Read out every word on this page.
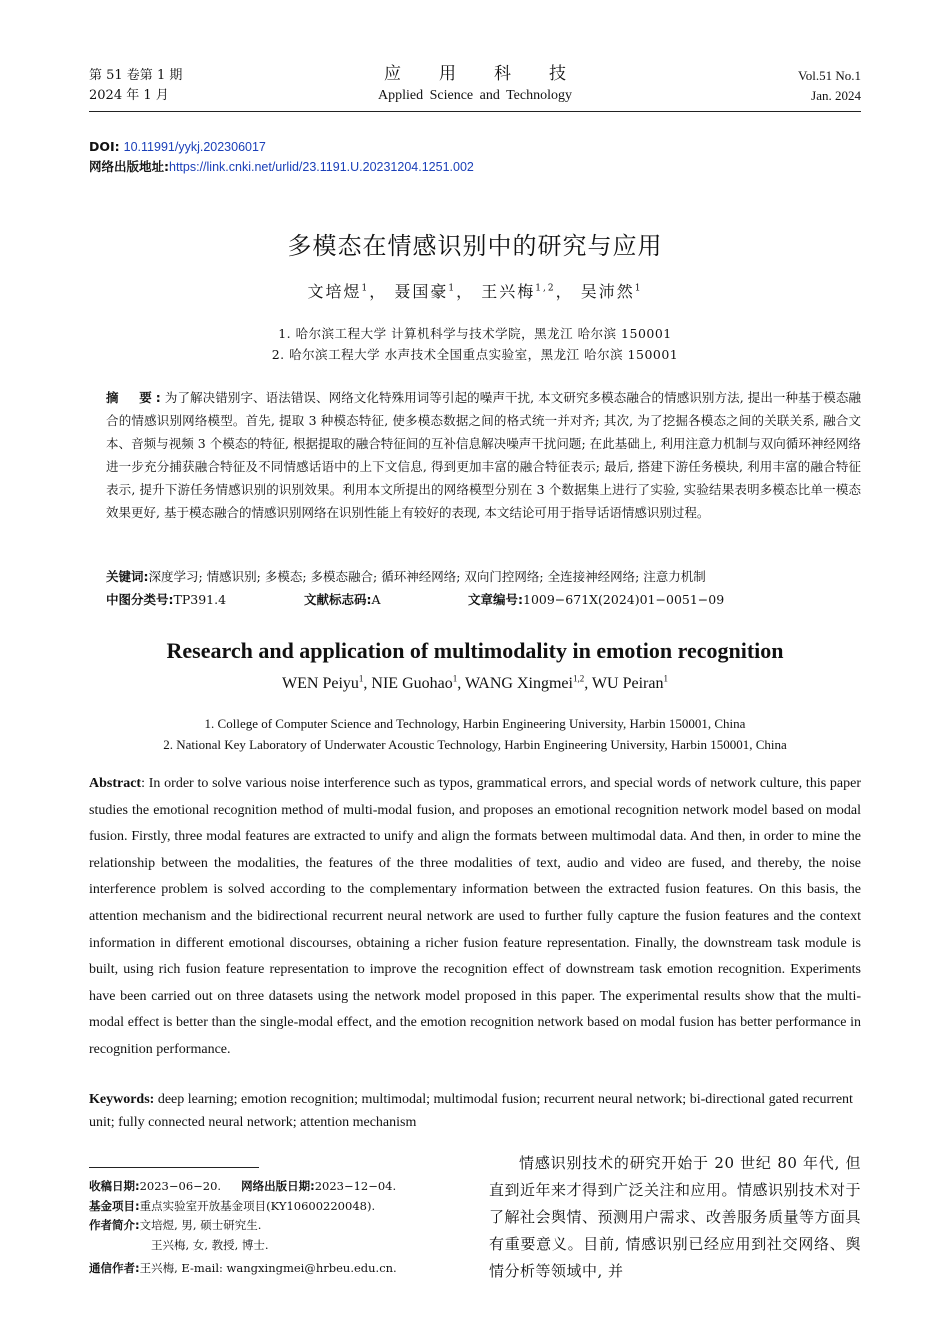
第 51 卷第 1 期
2024 年 1 月
应用科技
Applied Science and Technology
Vol.51 No.1
Jan. 2024
DOI: 10.11991/yykj.202306017
网络出版地址:https://link.cnki.net/urlid/23.1191.U.20231204.1251.002
多模态在情感识别中的研究与应用
文培煜$^1$， 聂国豪$^1$， 王兴梅$^{1,2}$， 吴沛然$^1$
1. 哈尔滨工程大学 计算机科学与技术学院，黑龙江 哈尔滨 150001
2. 哈尔滨工程大学 水声技术全国重点实验室，黑龙江 哈尔滨 150001
摘　要:为了解决错别字、语法错误、网络文化特殊用词等引起的噪声干扰, 本文研究多模态融合的情感识别方法, 提出一种基于模态融合的情感识别网络模型。首先, 提取 3 种模态特征, 使多模态数据之间的格式统一并对齐; 其次, 为了挖掘各模态之间的关联关系, 融合文本、音频与视频 3 个模态的特征, 根据提取的融合特征间的互补信息解决噪声干扰问题; 在此基础上, 利用注意力机制与双向循环神经网络进一步充分捕获融合特征及不同情感话语中的上下文信息, 得到更加丰富的融合特征表示; 最后, 搭建下游任务模块, 利用丰富的融合特征表示, 提升下游任务情感识别的识别效果。利用本文所提出的网络模型分别在 3 个数据集上进行了实验, 实验结果表明多模态比单一模态效果更好, 基于模态融合的情感识别网络在识别性能上有较好的表现, 本文结论可用于指导话语情感识别过程。
关键词:深度学习; 情感识别; 多模态; 多模态融合; 循环神经网络; 双向门控网络; 全连接神经网络; 注意力机制
中图分类号:TP391.4	文献标志码:A	文章编号:1009−671X(2024)01−0051−09
Research and application of multimodality in emotion recognition
WEN Peiyu$^1$, NIE Guohao$^1$, WANG Xingmei$^{1,2}$, WU Peiran$^1$
1. College of Computer Science and Technology, Harbin Engineering University, Harbin 150001, China
2. National Key Laboratory of Underwater Acoustic Technology, Harbin Engineering University, Harbin 150001, China
Abstract: In order to solve various noise interference such as typos, grammatical errors, and special words of network culture, this paper studies the emotional recognition method of multi-modal fusion, and proposes an emotional recognition network model based on modal fusion. Firstly, three modal features are extracted to unify and align the formats between multimodal data. And then, in order to mine the relationship between the modalities, the features of the three modalities of text, audio and video are fused, and thereby, the noise interference problem is solved according to the complementary information between the extracted fusion features. On this basis, the attention mechanism and the bidirectional recurrent neural network are used to further fully capture the fusion features and the context information in different emotional discourses, obtaining a richer fusion feature representation. Finally, the downstream task module is built, using rich fusion feature representation to improve the recognition effect of downstream task emotion recognition. Experiments have been carried out on three datasets using the network model proposed in this paper. The experimental results show that the multi-modal effect is better than the single-modal effect, and the emotion recognition network based on modal fusion has better performance in recognition performance.
Keywords: deep learning; emotion recognition; multimodal; multimodal fusion; recurrent neural network; bi-directional gated recurrent unit; fully connected neural network; attention mechanism
收稿日期:2023−06−20. 网络出版日期:2023−12−04.
基金项目:重点实验室开放基金项目(KY10600220048).
作者简介:文培煜, 男, 硕士研究生.
王兴梅, 女, 教授, 博士.
通信作者:王兴梅, E-mail: wangxingmei@hrbeu.edu.cn.
情感识别技术的研究开始于 20 世纪 80 年代, 但直到近年来才得到广泛关注和应用。情感识别技术对于了解社会舆情、预测用户需求、改善服务质量等方面具有重要意义。目前, 情感识别已经应用到社交网络、舆情分析等领域中, 并
